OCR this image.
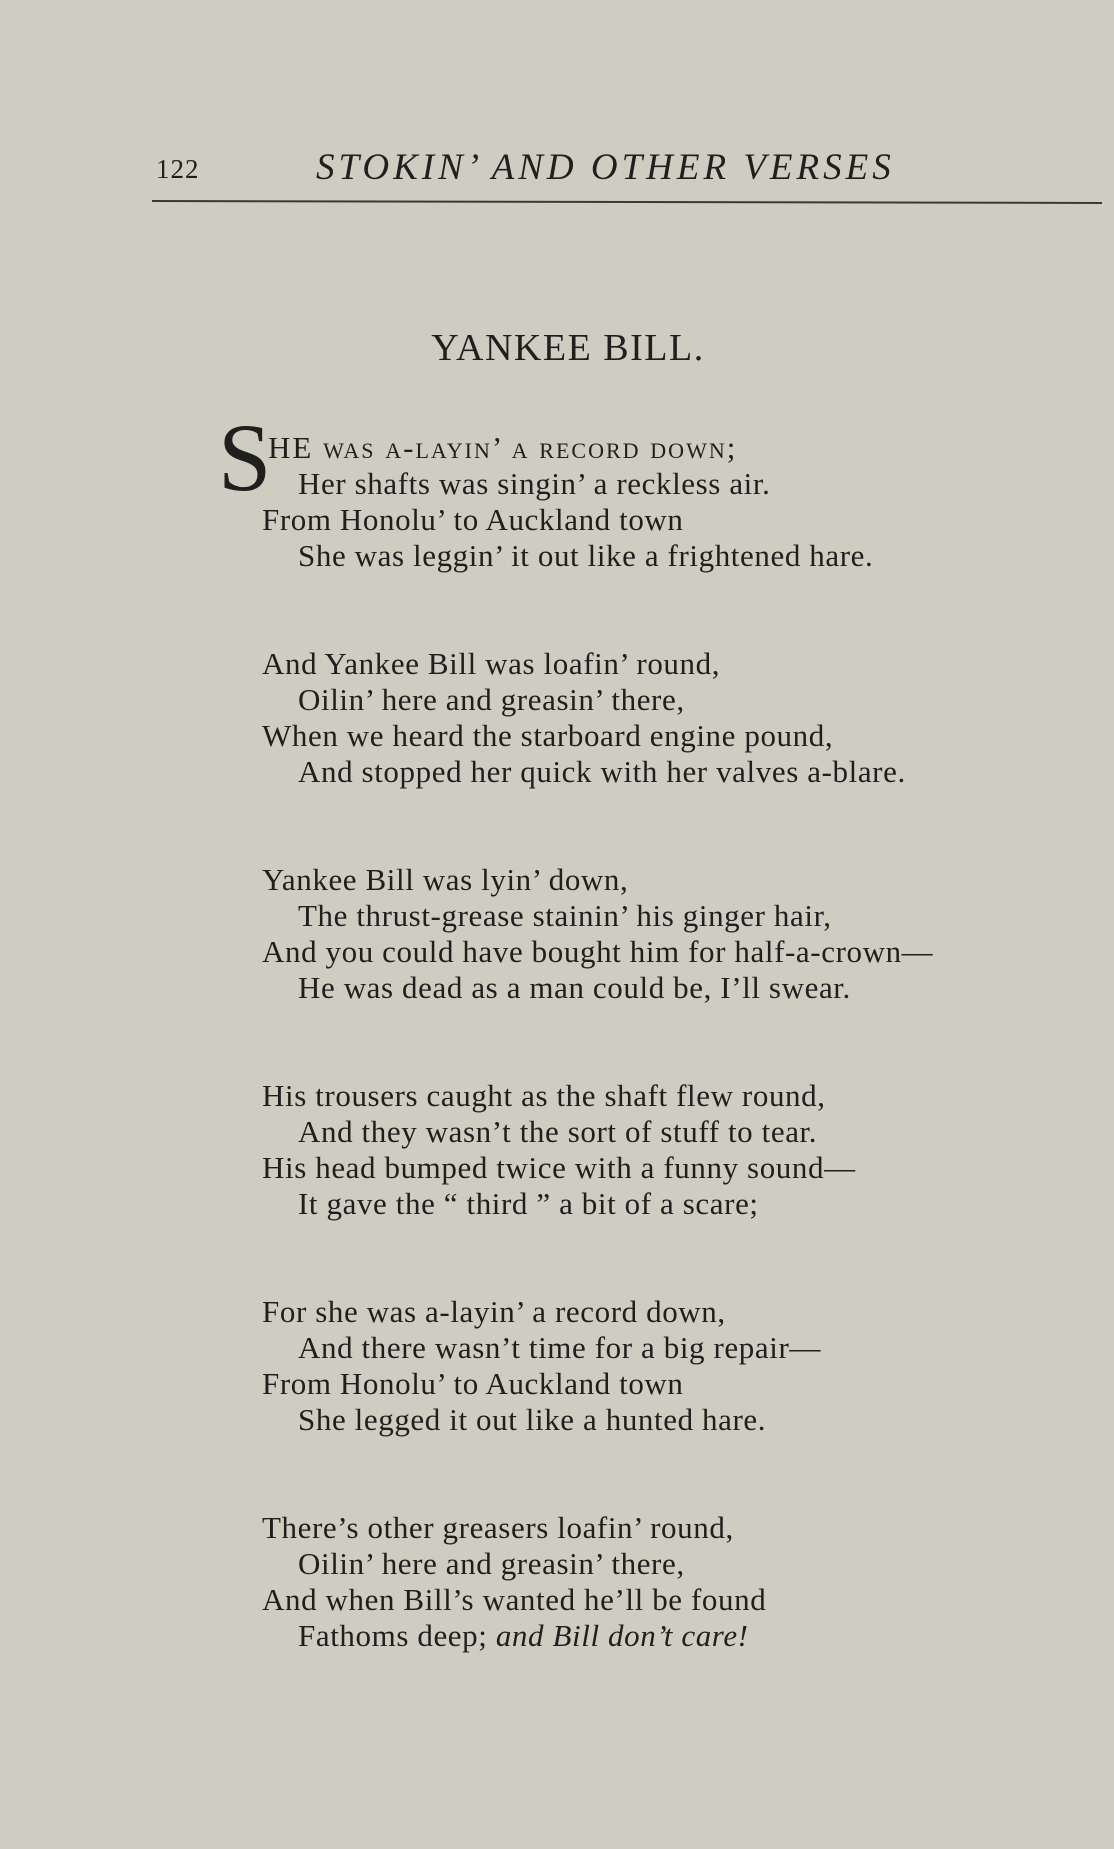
122	STOKIN’ AND OTHER VERSES
YANKEE BILL.
S
HE was a-layin’ a record down;
Her shafts was singin’ a reckless air.
From Honolu’ to Auckland town
She was leggin’ it out like a frightened hare.
And Yankee Bill was loafin’ round,
Oilin’ here and greasin’ there,
When we heard the starboard engine pound,
And stopped her quick with her valves a-blare.
Yankee Bill was lyin’ down,
The thrust-grease stainin’ his ginger hair,
And you could have bought him for half-a-crown—
He was dead as a man could be, I’ll swear.
His trousers caught as the shaft flew round,
And they wasn’t the sort of stuff to tear.
His head bumped twice with a funny sound—
It gave the “ third ” a bit of a scare;
For she was a-layin’ a record down,
And there wasn’t time for a big repair—
From Honolu’ to Auckland town
She legged it out like a hunted hare.
There’s other greasers loafin’ round,
Oilin’ here and greasin’ there,
And when Bill’s wanted he’ll be found
Fathoms deep; and Bill don’t care!
